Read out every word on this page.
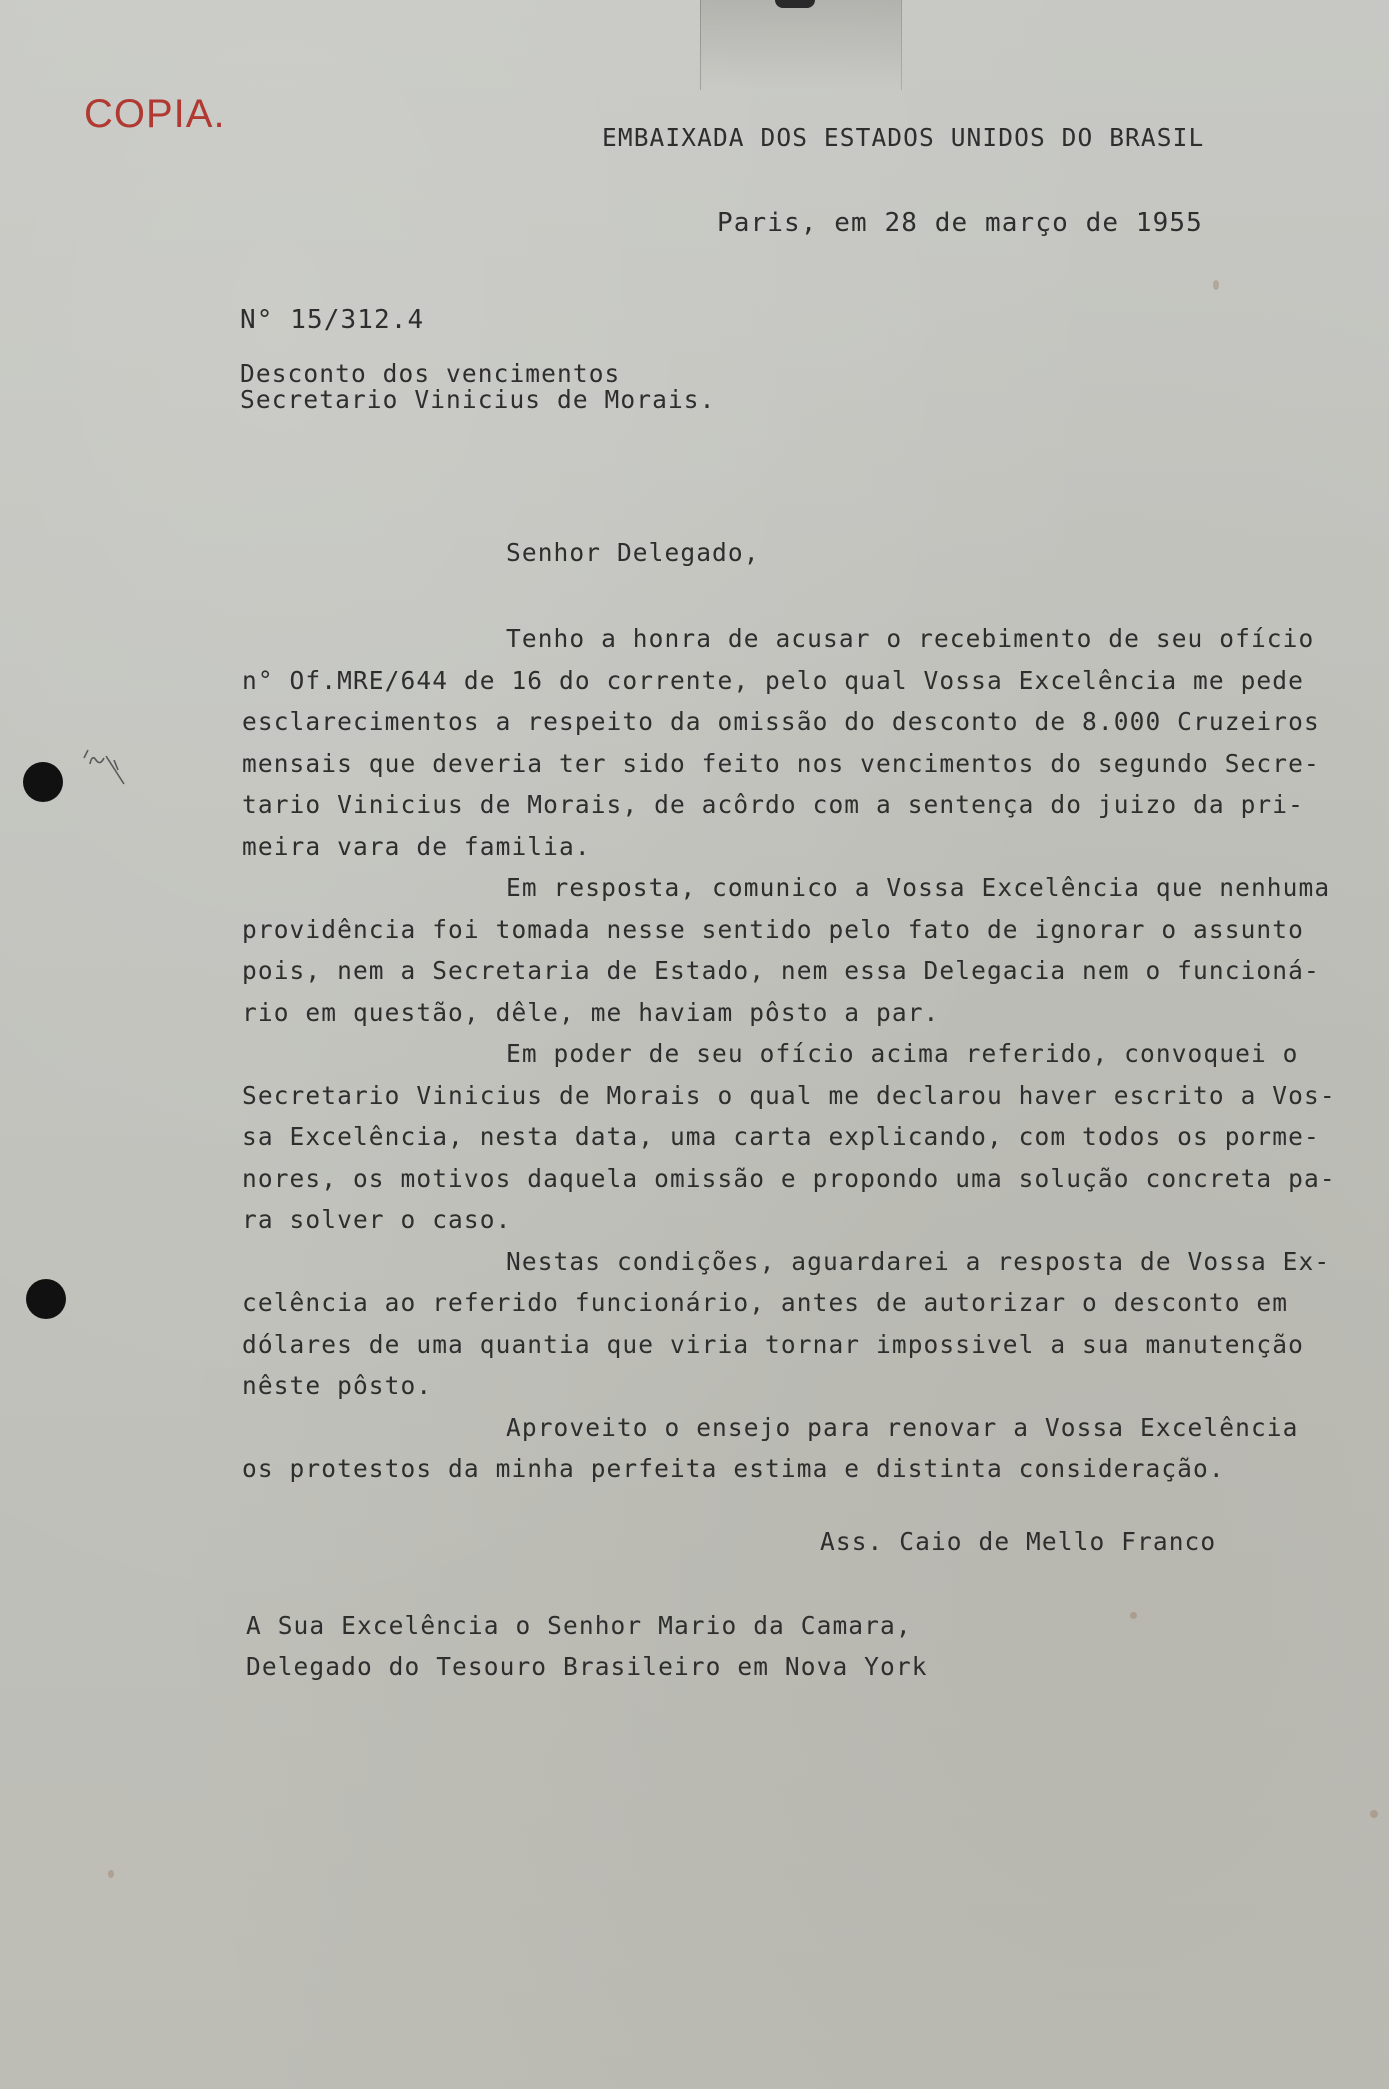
COPIA.
EMBAIXADA DOS ESTADOS UNIDOS DO BRASIL
Paris, em 28 de março de 1955
N° 15/312.4
Desconto dos vencimentos
Secretario Vinicius de Morais.
Senhor Delegado,
Tenho a honra de acusar o recebimento de seu ofício
n° Of.MRE/644 de 16 do corrente, pelo qual Vossa Excelência me pede
esclarecimentos a respeito da omissão do desconto de 8.000 Cruzeiros
mensais que deveria ter sido feito nos vencimentos do segundo Secre-
tario Vinicius de Morais, de acôrdo com a sentença do juizo da pri-
meira vara de familia.
Em resposta, comunico a Vossa Excelência que nenhuma
providência foi tomada nesse sentido pelo fato de ignorar o assunto
pois, nem a Secretaria de Estado, nem essa Delegacia nem o funcioná-
rio em questão, dêle, me haviam pôsto a par.
Em poder de seu ofício acima referido, convoquei o
Secretario Vinicius de Morais o qual me declarou haver escrito a Vos-
sa Excelência, nesta data, uma carta explicando, com todos os porme-
nores, os motivos daquela omissão e propondo uma solução concreta pa-
ra solver o caso.
Nestas condições, aguardarei a resposta de Vossa Ex-
celência ao referido funcionário, antes de autorizar o desconto em
dólares de uma quantia que viria tornar impossivel a sua manutenção
nêste pôsto.
Aproveito o ensejo para renovar a Vossa Excelência
os protestos da minha perfeita estima e distinta consideração.
Ass. Caio de Mello Franco
A Sua Excelência o Senhor Mario da Camara,
Delegado do Tesouro Brasileiro em Nova York
